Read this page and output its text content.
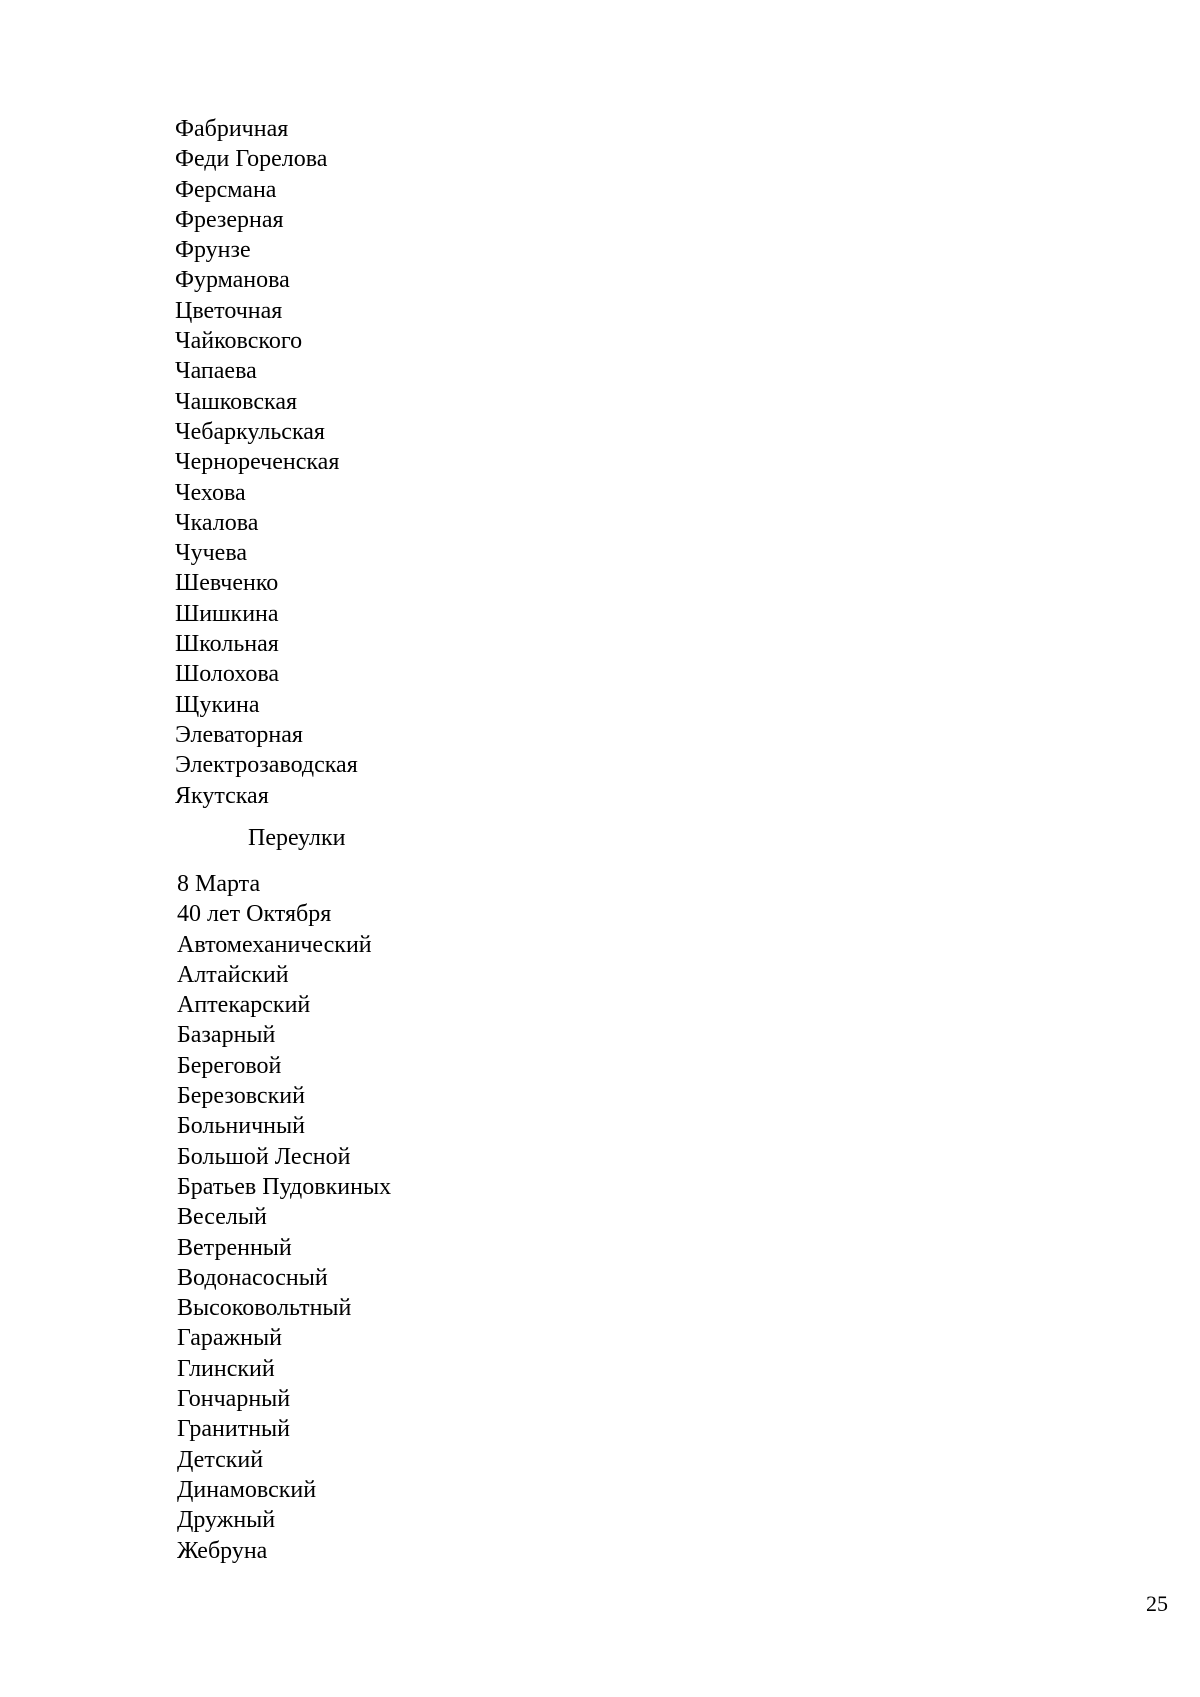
Фабричная
Феди Горелова
Ферсмана
Фрезерная
Фрунзе
Фурманова
Цветочная
Чайковского
Чапаева
Чашковская
Чебаркульская
Чернореченская
Чехова
Чкалова
Чучева
Шевченко
Шишкина
Школьная
Шолохова
Щукина
Элеваторная
Электрозаводская
Якутская
Переулки
8 Марта
40 лет Октября
Автомеханический
Алтайский
Аптекарский
Базарный
Береговой
Березовский
Больничный
Большой Лесной
Братьев Пудовкиных
Веселый
Ветренный
Водонасосный
Высоковольтный
Гаражный
Глинский
Гончарный
Гранитный
Детский
Динамовский
Дружный
Жебруна
25
